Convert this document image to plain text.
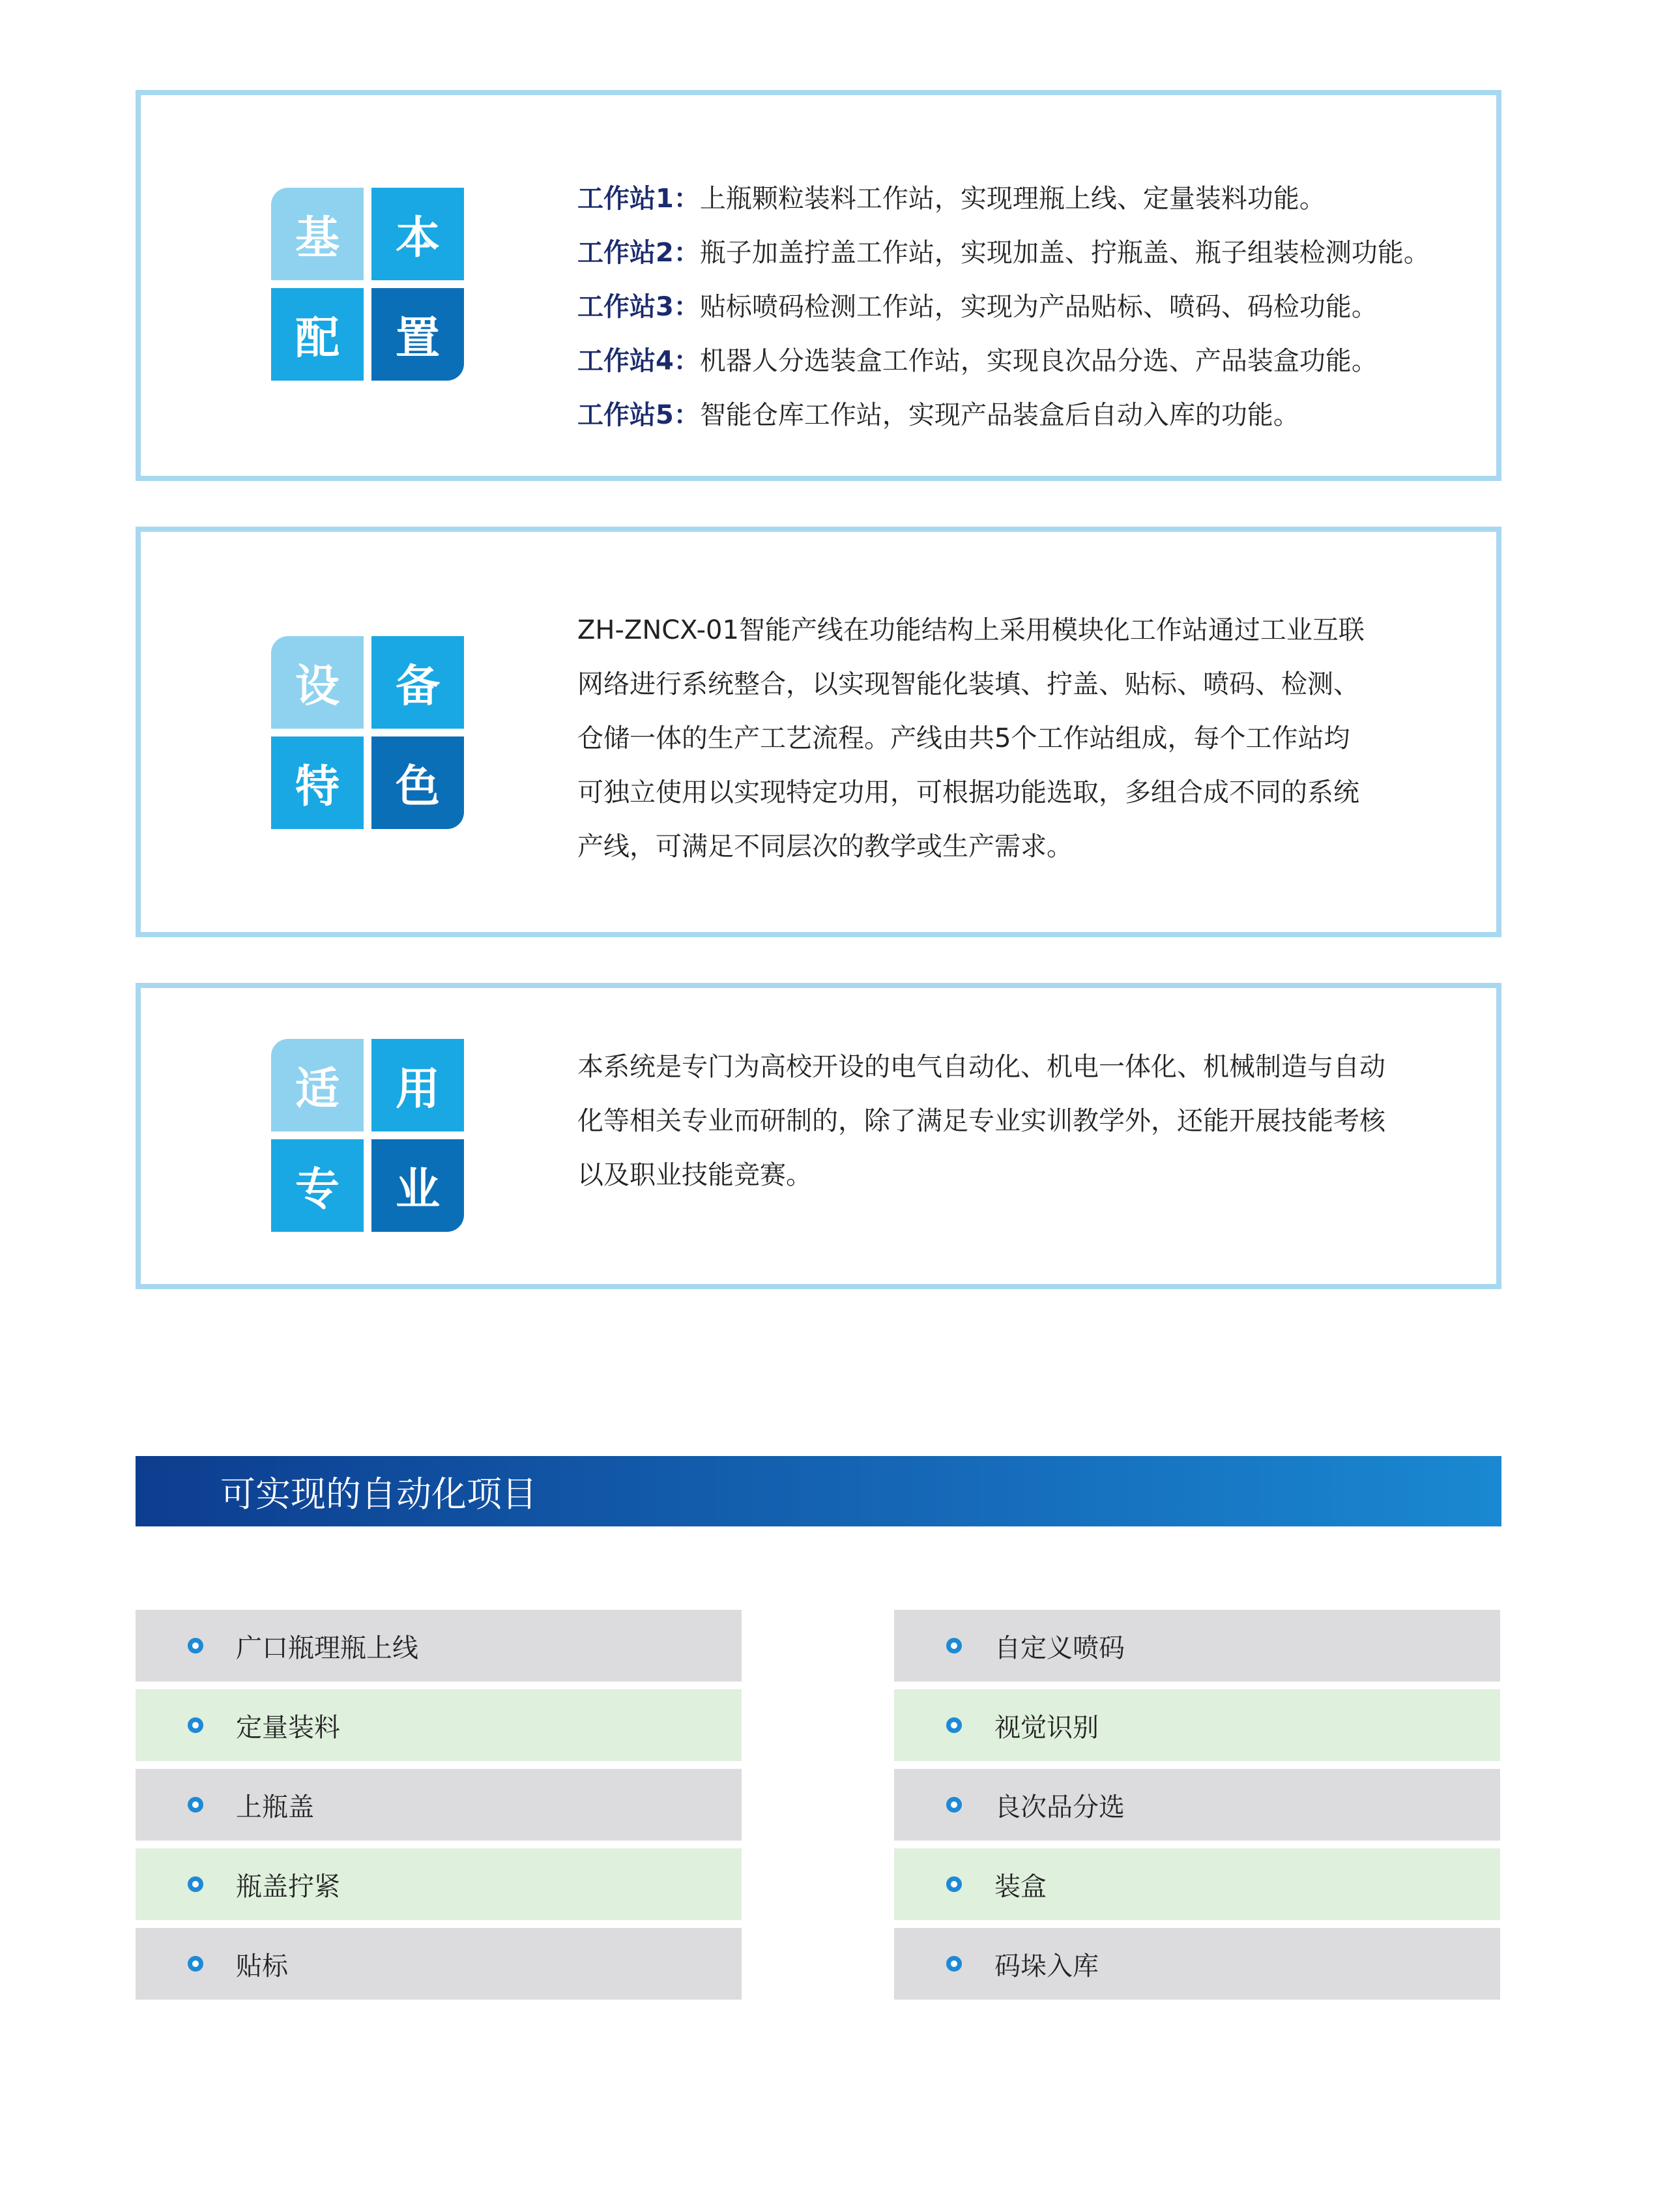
基	本
配	置
工作站1：上瓶颗粒装料工作站，实现理瓶上线、定量装料功能。
工作站2：瓶子加盖拧盖工作站，实现加盖、拧瓶盖、瓶子组装检测功能。
工作站3：贴标喷码检测工作站，实现为产品贴标、喷码、码检功能。
工作站4：机器人分选装盒工作站，实现良次品分选、产品装盒功能。
工作站5：智能仓库工作站，实现产品装盒后自动入库的功能。
设	备
特	色
ZH-ZNCX-01智能产线在功能结构上采用模块化工作站通过工业互联
网络进行系统整合，以实现智能化装填、拧盖、贴标、喷码、检测、
仓储一体的生产工艺流程。产线由共5个工作站组成，每个工作站均
可独立使用以实现特定功用，可根据功能选取，多组合成不同的系统
产线，可满足不同层次的教学或生产需求。
适	用
专	业
本系统是专门为高校开设的电气自动化、机电一体化、机械制造与自动
化等相关专业而研制的，除了满足专业实训教学外，还能开展技能考核
以及职业技能竞赛。
可实现的自动化项目
广口瓶理瓶上线
定量装料
上瓶盖
瓶盖拧紧
贴标
自定义喷码
视觉识别
良次品分选
装盒
码垛入库
